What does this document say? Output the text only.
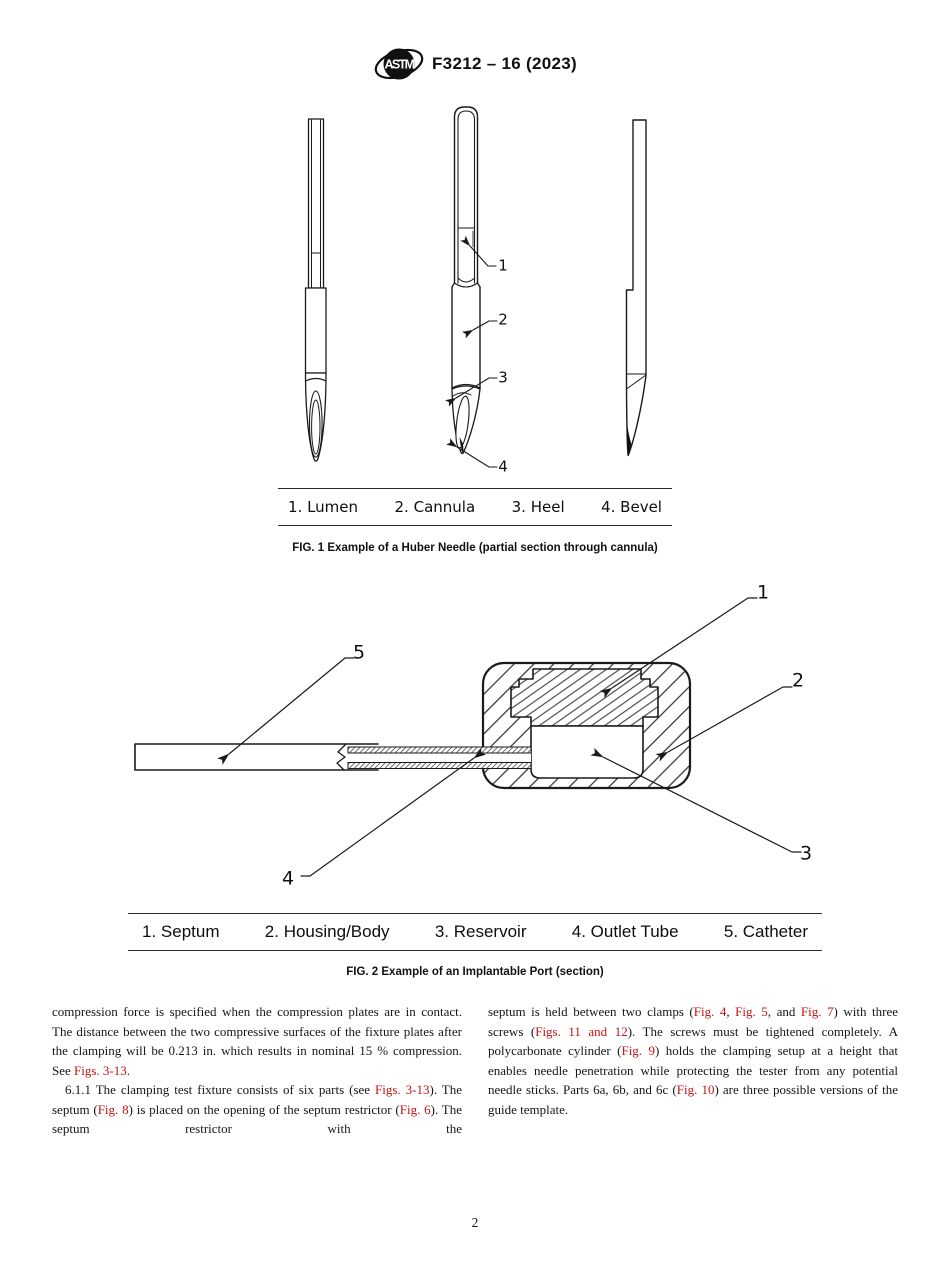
ASTM F3212 – 16 (2023)
1
2
3
4
1. Lumen 2. Cannula 3. Heel 4. Bevel
FIG. 1 Example of a Huber Needle (partial section through cannula)
1
2
3
4
5
1. Septum	2. Housing/Body	3. Reservoir	4. Outlet Tube	5. Catheter
FIG. 2 Example of an Implantable Port (section)

compression force is specified when the compression plates are in contact. The distance between the two compressive surfaces of the fixture plates after the clamping will be 0.213 in. which results in nominal 15 % compression. See Figs. 3-13.

6.1.1 The clamping test fixture consists of six parts (see Figs. 3-13). The septum (Fig. 8) is placed on the opening of the septum restrictor (Fig. 6). The septum restrictor with the

septum is held between two clamps (Fig. 4, Fig. 5, and Fig. 7) with three screws (Figs. 11 and 12). The screws must be tightened completely. A polycarbonate cylinder (Fig. 9) holds the clamping setup at a height that enables needle penetration while protecting the tester from any potential needle sticks. Parts 6a, 6b, and 6c (Fig. 10) are three possible versions of the guide template.

2
